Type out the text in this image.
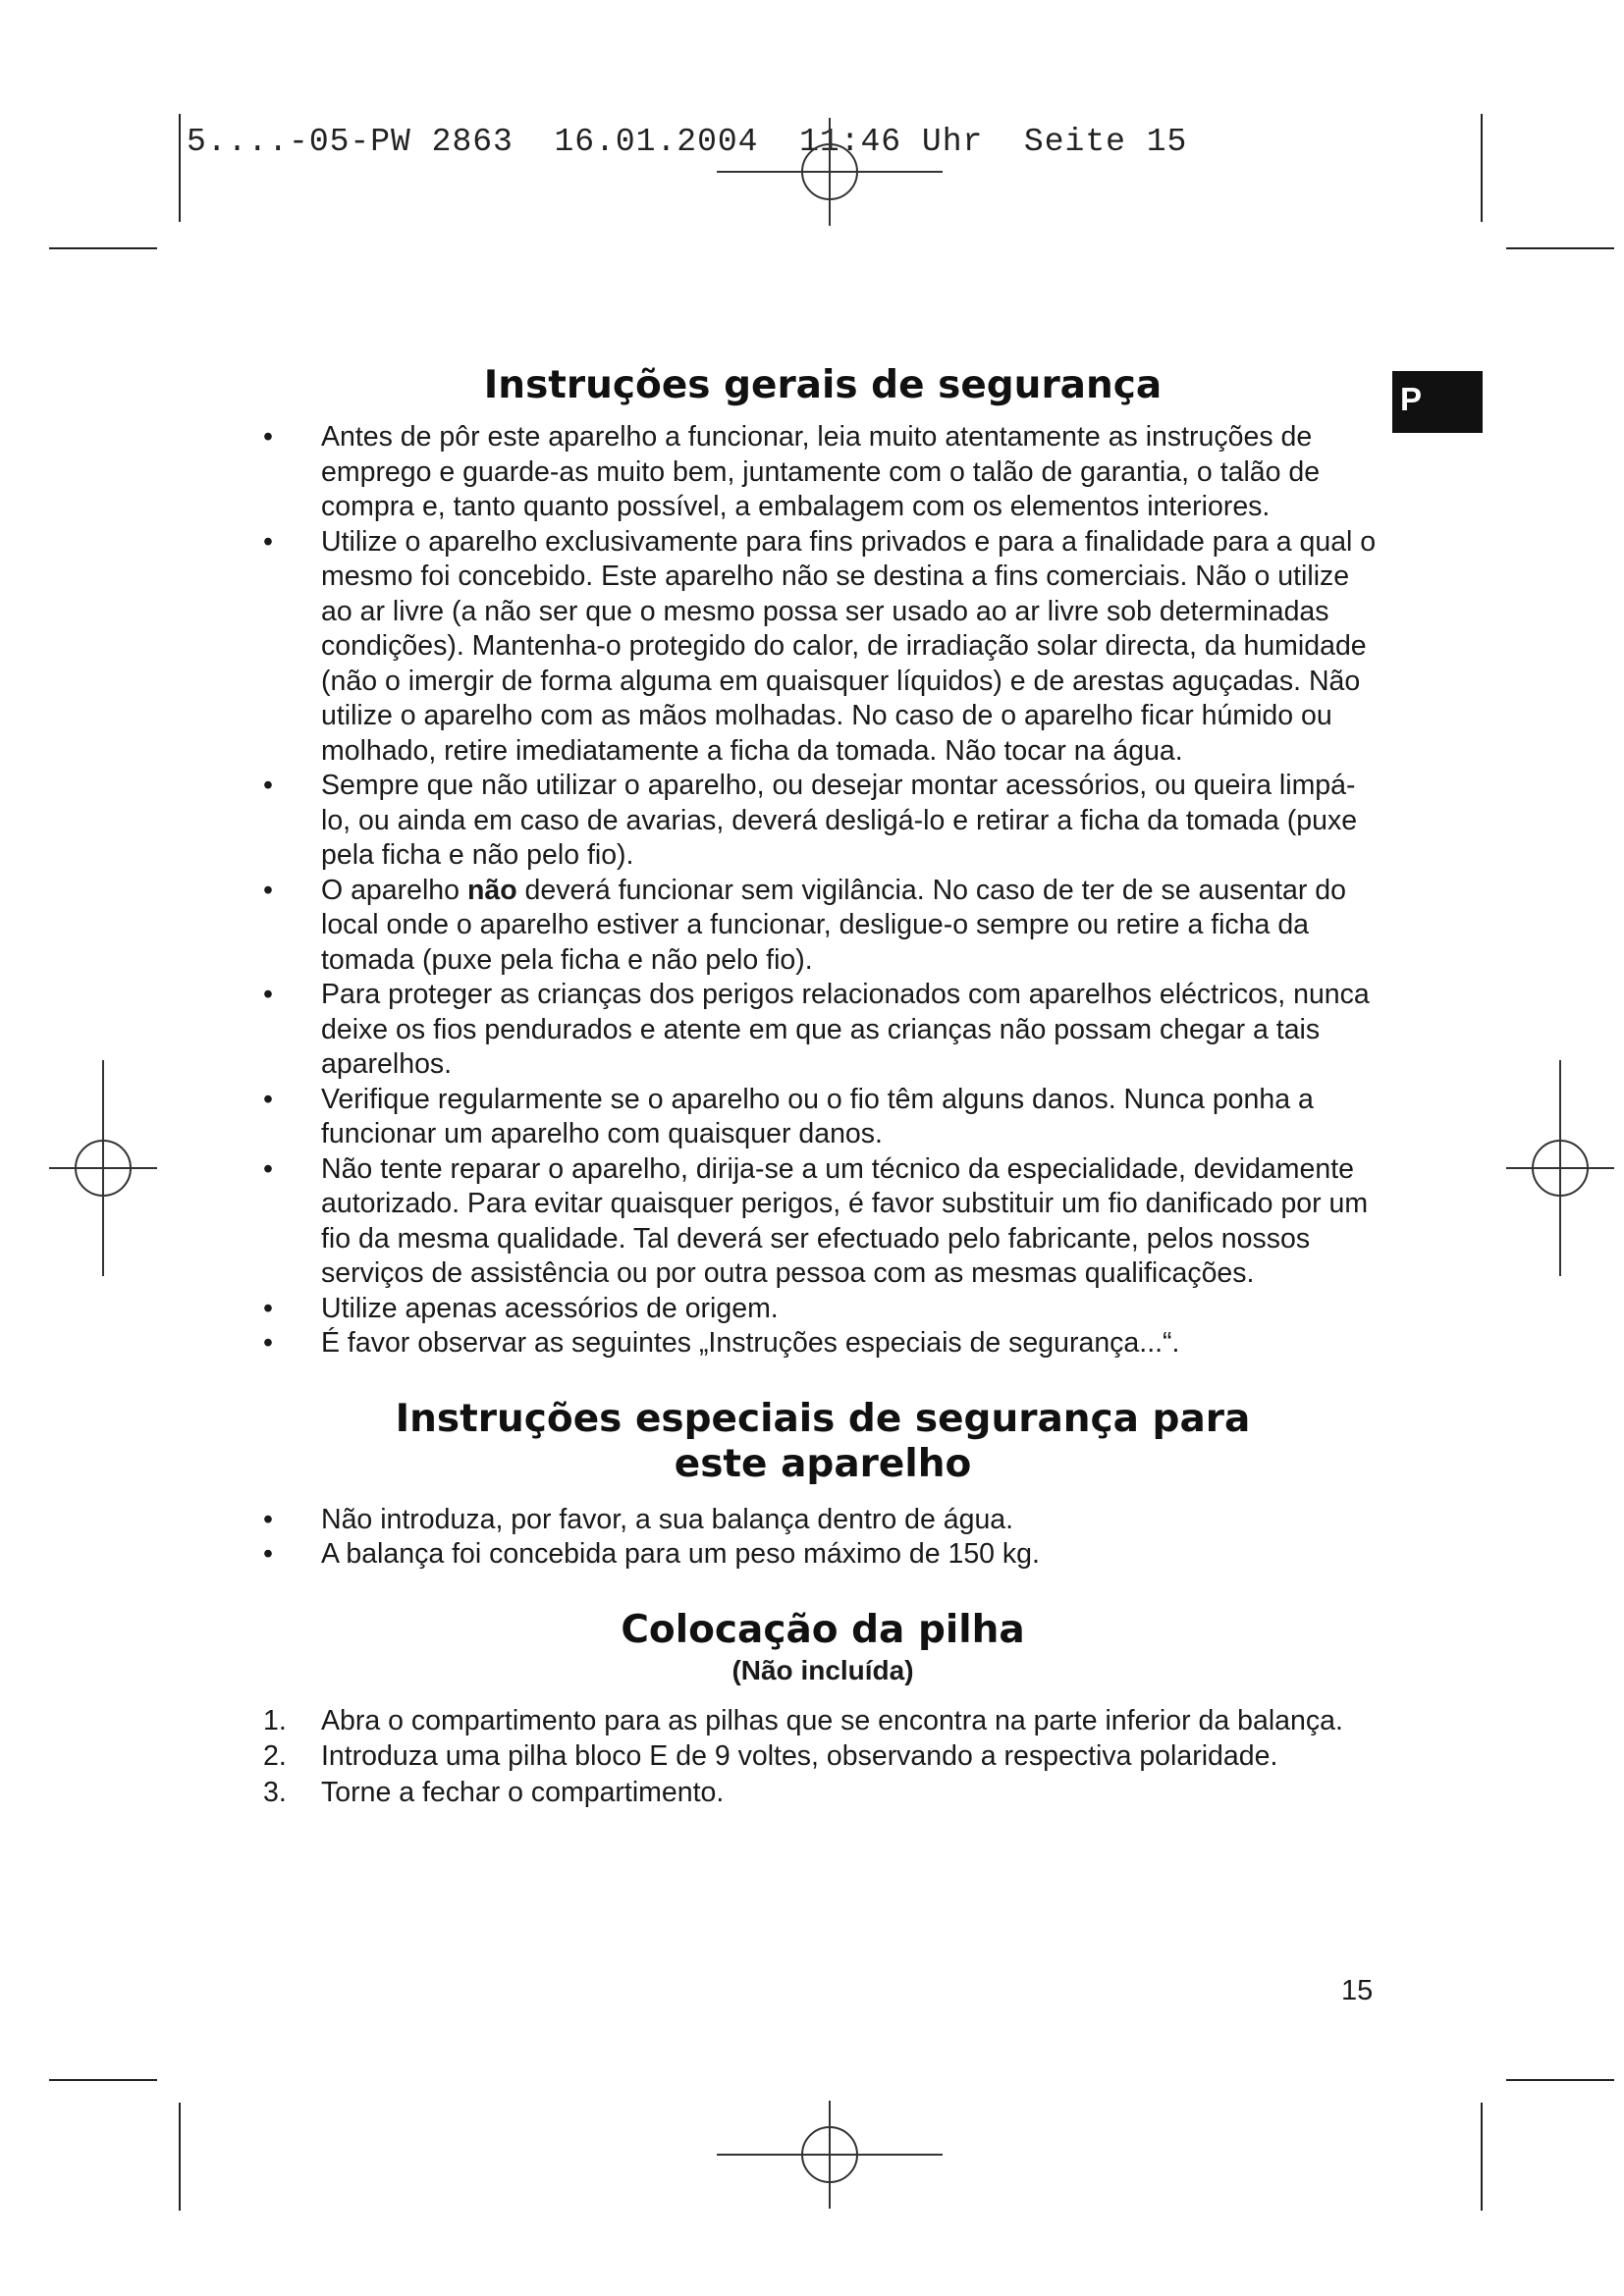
5....-05-PW 2863  16.01.2004  11:46 Uhr  Seite 15
P
Instruções gerais de segurança
• Antes de pôr este aparelho a funcionar, leia muito atentamente as instruções de emprego e guarde-as muito bem, juntamente com o talão de garantia, o talão de compra e, tanto quanto possível, a embalagem com os elementos interiores.
• Utilize o aparelho exclusivamente para fins privados e para a finalidade para a qual o mesmo foi concebido. Este aparelho não se destina a fins comerciais. Não o utilize ao ar livre (a não ser que o mesmo possa ser usado ao ar livre sob determinadas condições). Mantenha-o protegido do calor, de irradiação solar directa, da humidade (não o imergir de forma alguma em quaisquer líquidos) e de arestas aguçadas. Não utilize o aparelho com as mãos molhadas. No caso de o aparelho ficar húmido ou molhado, retire imediatamente a ficha da tomada. Não tocar na água.
• Sempre que não utilizar o aparelho, ou desejar montar acessórios, ou queira limpá-lo, ou ainda em caso de avarias, deverá desligá-lo e retirar a ficha da tomada (puxe pela ficha e não pelo fio).
• O aparelho não deverá funcionar sem vigilância. No caso de ter de se ausentar do local onde o aparelho estiver a funcionar, desligue-o sempre ou retire a ficha da tomada (puxe pela ficha e não pelo fio).
• Para proteger as crianças dos perigos relacionados com aparelhos eléctricos, nunca deixe os fios pendurados e atente em que as crianças não possam chegar a tais aparelhos.
• Verifique regularmente se o aparelho ou o fio têm alguns danos. Nunca ponha a funcionar um aparelho com quaisquer danos.
• Não tente reparar o aparelho, dirija-se a um técnico da especialidade, devidamente autorizado. Para evitar quaisquer perigos, é favor substituir um fio danificado por um fio da mesma qualidade. Tal deverá ser efectuado pelo fabricante, pelos nossos serviços de assistência ou por outra pessoa com as mesmas qualificações.
• Utilize apenas acessórios de origem.
• É favor observar as seguintes „Instruções especiais de segurança...“.
Instruções especiais de segurança para
este aparelho
• Não introduza, por favor, a sua balança dentro de água.
• A balança foi concebida para um peso máximo de 150 kg.
Colocação da pilha
(Não incluída)
1. Abra o compartimento para as pilhas que se encontra na parte inferior da balança.
2. Introduza uma pilha bloco E de 9 voltes, observando a respectiva polaridade.
3. Torne a fechar o compartimento.
15
